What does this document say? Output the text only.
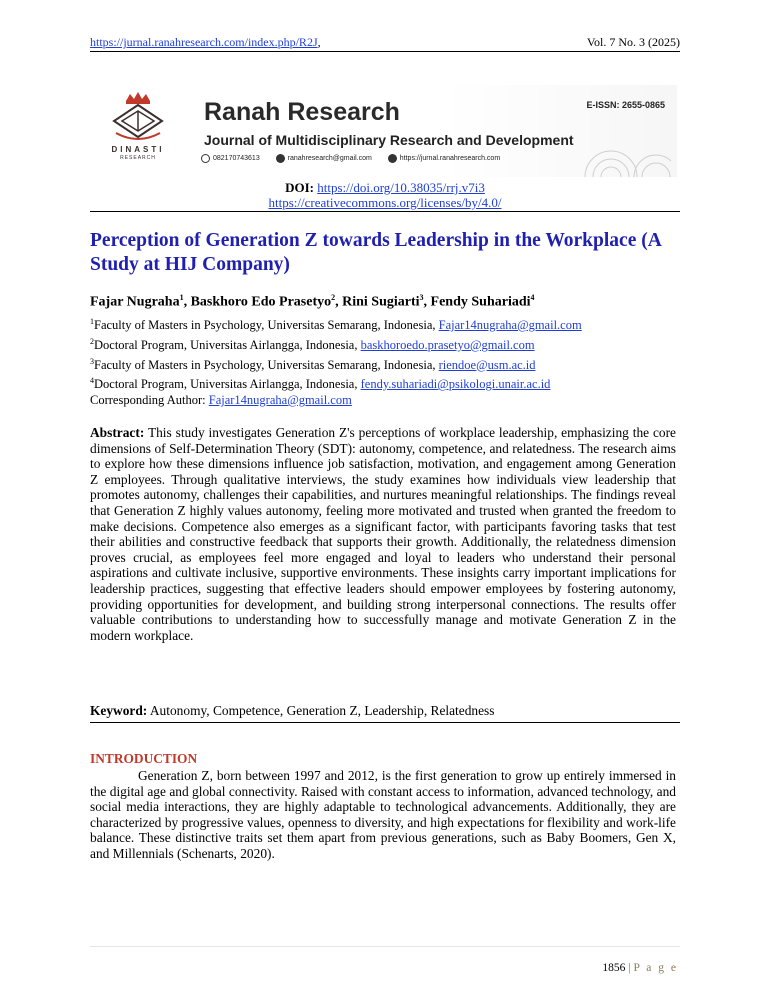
https://jurnal.ranahresearch.com/index.php/R2J,	Vol. 7 No. 3 (2025)
DINASTI
RESEARCH
Ranah Research	E-ISSN: 2655-0865
Journal of Multidisciplinary Research and Development
082170743613
	ranahresearch@gmail.com
	https://jurnal.ranahresearch.com
DOI: https://doi.org/10.38035/rrj.v7i3
https://creativecommons.org/licenses/by/4.0/
Perception of Generation Z towards Leadership in the Workplace (A Study at HIJ Company)
Fajar Nugraha$^1$, Baskhoro Edo Prasetyo$^2$, Rini Sugiarti$^3$, Fendy Suhariadi$^4$
$^1$Faculty of Masters in Psychology, Universitas Semarang, Indonesia, Fajar14nugraha@gmail.com
$^2$Doctoral Program, Universitas Airlangga, Indonesia, baskhoroedo.prasetyo@gmail.com
$^3$Faculty of Masters in Psychology, Universitas Semarang, Indonesia, riendoe@usm.ac.id
$^4$Doctoral Program, Universitas Airlangga, Indonesia, fendy.suhariadi@psikologi.unair.ac.id
Corresponding Author: Fajar14nugraha@gmail.com
Abstract: This study investigates Generation Z's perceptions of workplace leadership, emphasizing the core dimensions of Self-Determination Theory (SDT): autonomy, competence, and relatedness. The research aims to explore how these dimensions influence job satisfaction, motivation, and engagement among Generation Z employees. Through qualitative interviews, the study examines how individuals view leadership that promotes autonomy, challenges their capabilities, and nurtures meaningful relationships. The findings reveal that Generation Z highly values autonomy, feeling more motivated and trusted when granted the freedom to make decisions. Competence also emerges as a significant factor, with participants favoring tasks that test their abilities and constructive feedback that supports their growth. Additionally, the relatedness dimension proves crucial, as employees feel more engaged and loyal to leaders who understand their personal aspirations and cultivate inclusive, supportive environments. These insights carry important implications for leadership practices, suggesting that effective leaders should empower employees by fostering autonomy, providing opportunities for development, and building strong interpersonal connections. The results offer valuable contributions to understanding how to successfully manage and motivate Generation Z in the modern workplace.
Keyword: Autonomy, Competence, Generation Z, Leadership, Relatedness
INTRODUCTION
Generation Z, born between 1997 and 2012, is the first generation to grow up entirely immersed in the digital age and global connectivity. Raised with constant access to information, advanced technology, and social media interactions, they are highly adaptable to technological advancements. Additionally, they are characterized by progressive values, openness to diversity, and high expectations for flexibility and work-life balance. These distinctive traits set them apart from previous generations, such as Baby Boomers, Gen X, and Millennials (Schenarts, 2020).
1856 | P a g e
